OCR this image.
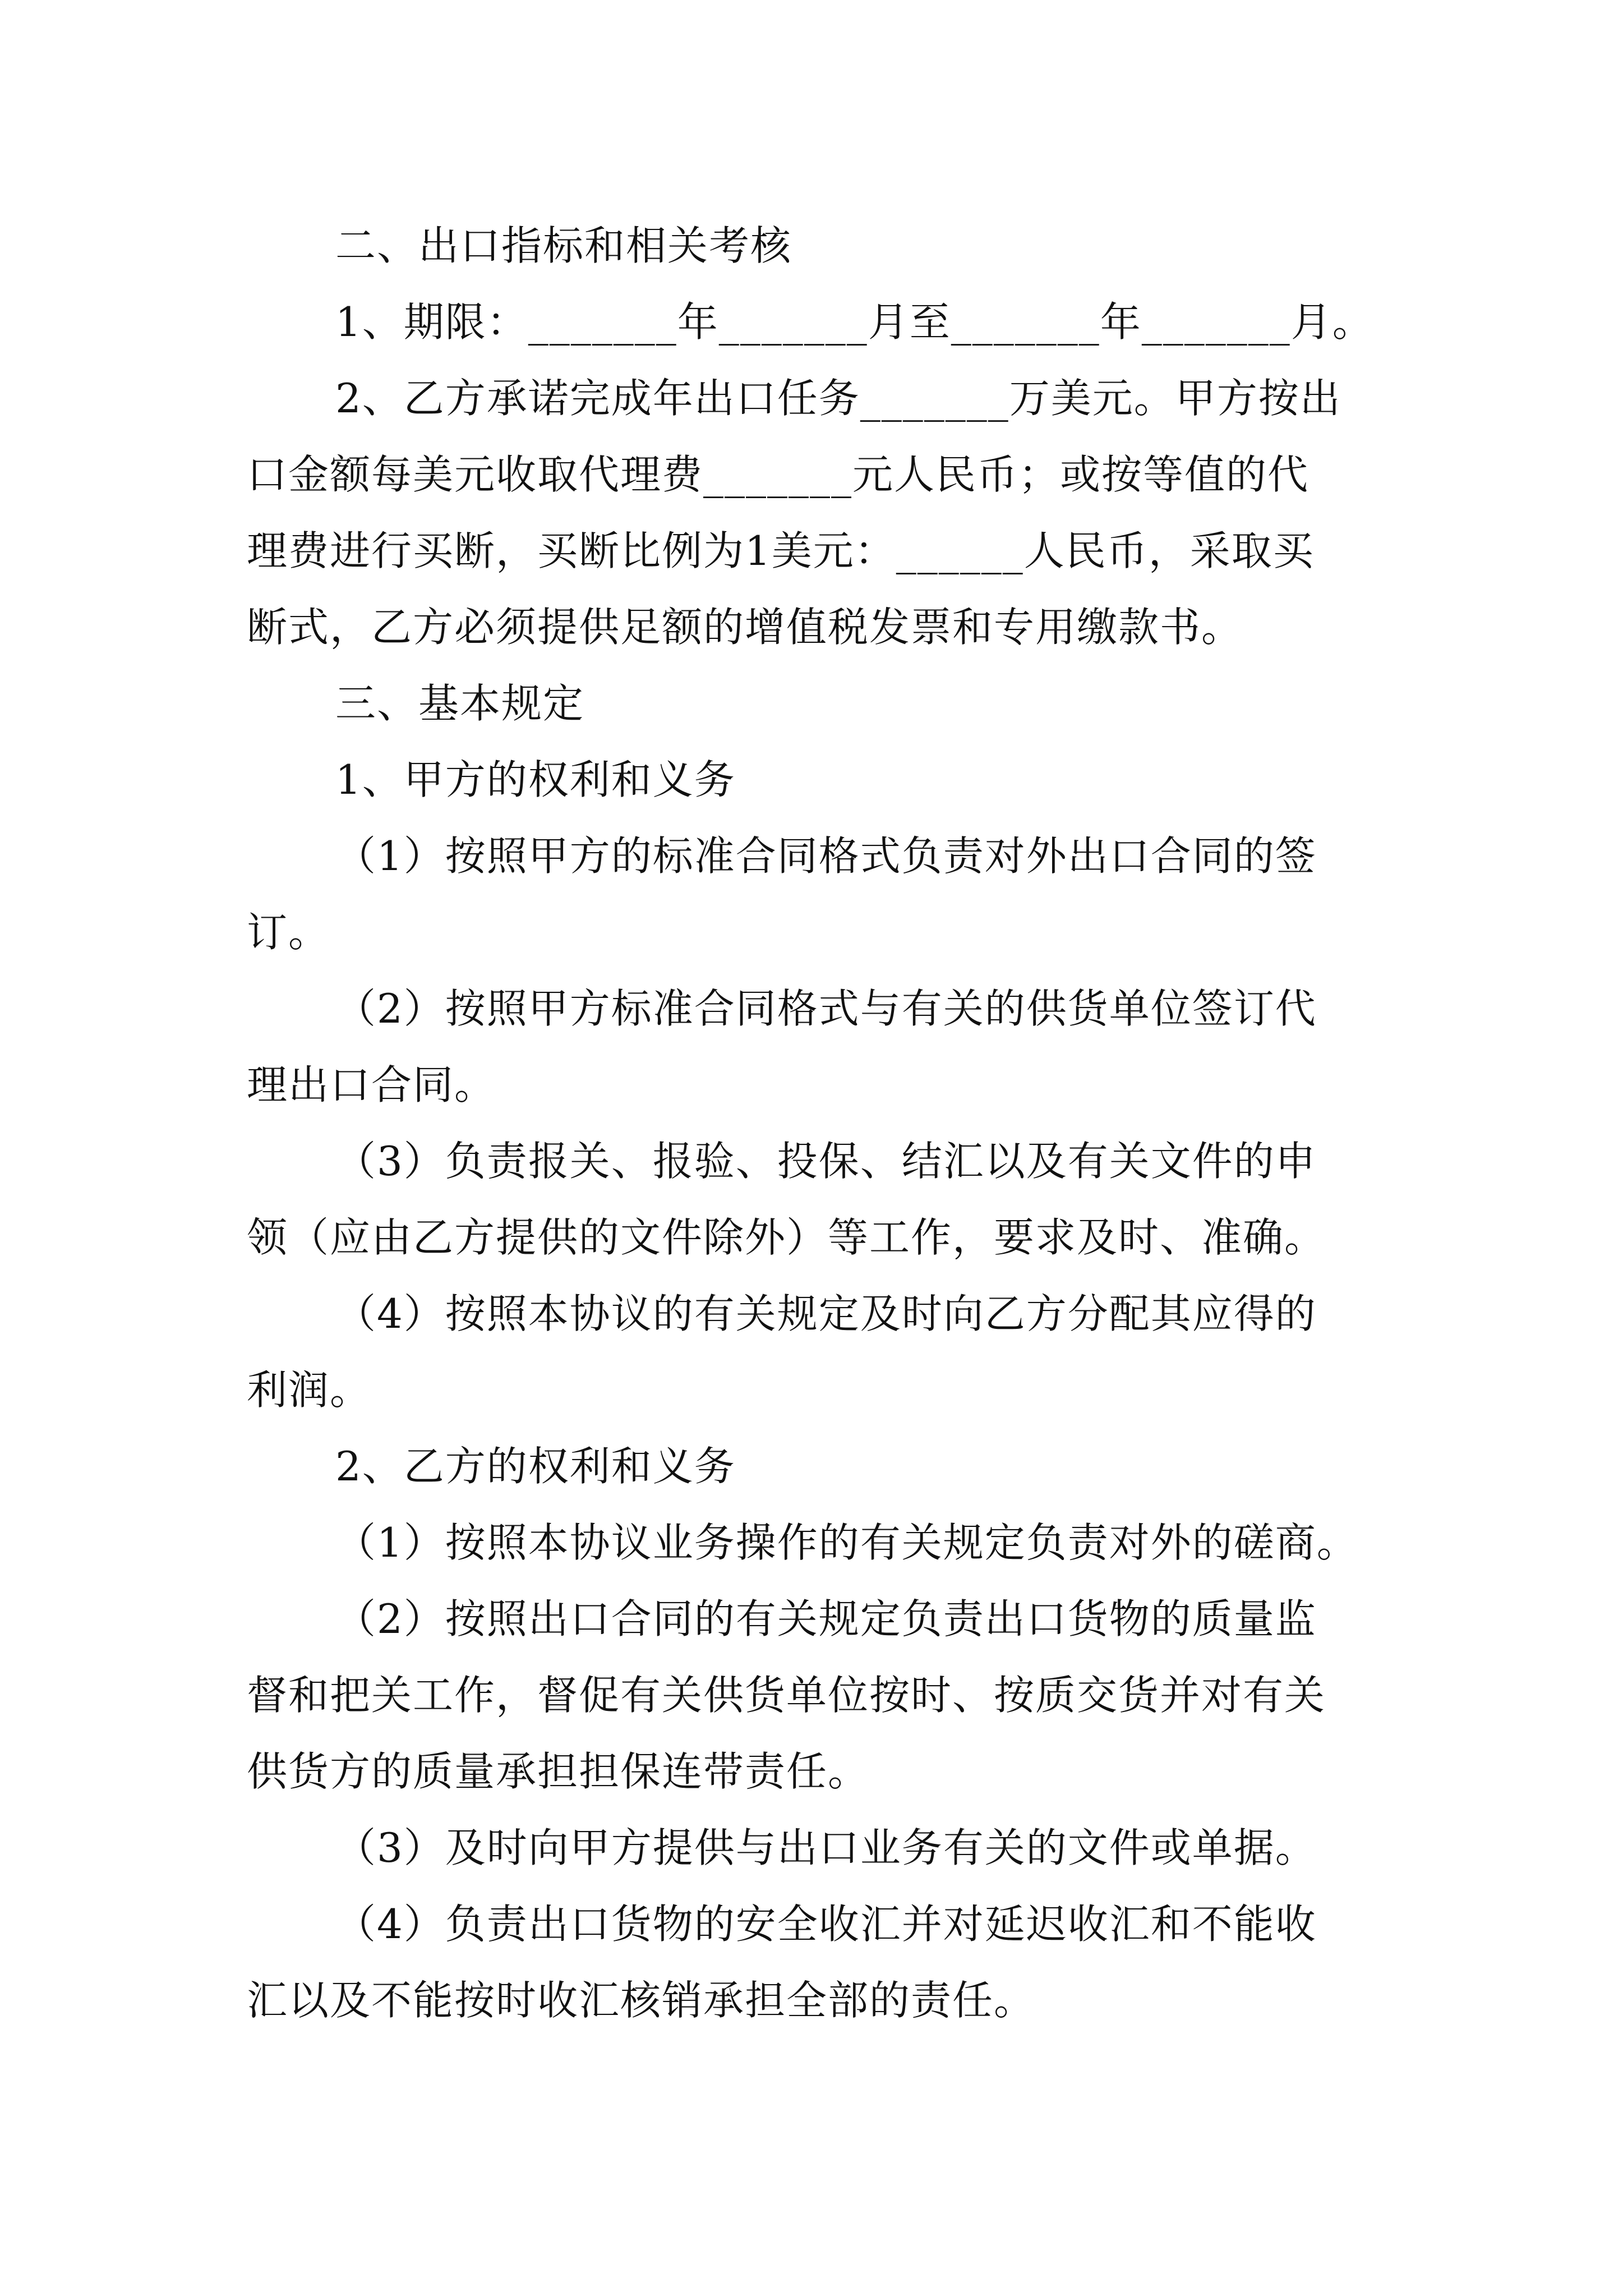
二、出口指标和相关考核
1、期限：_______年_______月至_______年_______月。
2、乙方承诺完成年出口任务_______万美元。甲方按出
口金额每美元收取代理费_______元人民币；或按等值的代
理费进行买断，买断比例为1美元：______人民币，采取买
断式，乙方必须提供足额的增值税发票和专用缴款书。
三、基本规定
1、甲方的权利和义务
（1）按照甲方的标准合同格式负责对外出口合同的签
订。
（2）按照甲方标准合同格式与有关的供货单位签订代
理出口合同。
（3）负责报关、报验、投保、结汇以及有关文件的申
领（应由乙方提供的文件除外）等工作，要求及时、准确。
（4）按照本协议的有关规定及时向乙方分配其应得的
利润。
2、乙方的权利和义务
（1）按照本协议业务操作的有关规定负责对外的磋商。
（2）按照出口合同的有关规定负责出口货物的质量监
督和把关工作，督促有关供货单位按时、按质交货并对有关
供货方的质量承担担保连带责任。
（3）及时向甲方提供与出口业务有关的文件或单据。
（4）负责出口货物的安全收汇并对延迟收汇和不能收
汇以及不能按时收汇核销承担全部的责任。
